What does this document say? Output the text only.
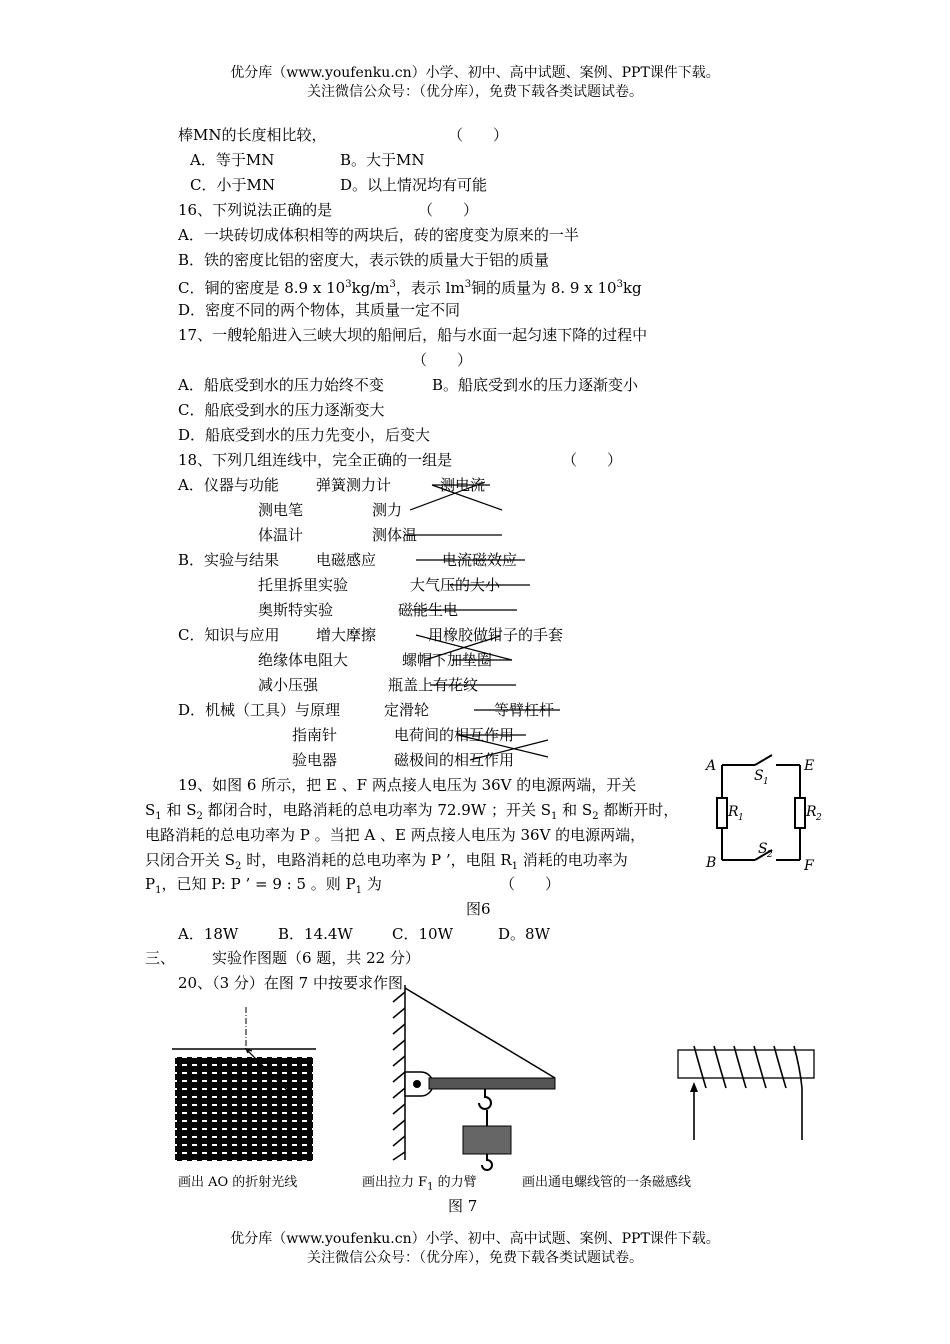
优分库（www.youfenku.cn）小学、初中、高中试题、案例、PPT课件下载。
关注微信公众号：（优分库），免费下载各类试题试卷。
棒MN的长度相比较，	（　　）
A．等于MN	B。大于MN
C．小于MN	D。以上情况均有可能
16、下列说法正确的是	（　　）
A．一块砖切成体积相等的两块后，砖的密度变为原来的一半
B．铁的密度比铝的密度大，表示铁的质量大于铝的质量
C．铜的密度是 8.9 x $10^3kg/m^3$，表示 $lm^3$铜的质量为 8. 9 x $10^3kg$
D．密度不同的两个物体，其质量一定不同
17、一艘轮船进入三峡大坝的船闸后，船与水面一起匀速下降的过程中
（　　）
A．船底受到水的压力始终不变	B。船底受到水的压力逐渐变小
C．船底受到水的压力逐渐变大
D．船底受到水的压力先变小，后变大
18、下列几组连线中，完全正确的一组是	（　　）
A．仪器与功能 弹簧测力计	测电流
测电笔	测力
体温计	测体温
B．实验与结果 电磁感应	电流磁效应
托里拆里实验	大气压的大小
奥斯特实验	磁能生电
C．知识与应用 增大摩擦	用橡胶做钳子的手套
绝缘体电阻大	螺帽下加垫圈
减小压强	瓶盖上有花纹
D．机械（工具）与原理	定滑轮	等臂杠杆
指南针	电荷间的相互作用
验电器	磁极间的相互作用
19、如图 6 所示，把 E 、F 两点接人电压为 36V 的电源两端，开关
$S_1$ 和 $S_2$ 都闭合时，电路消耗的总电功率为 72.9W ；开关 $S_1$ 和 $S_2$ 都断开时，
电路消耗的总电功率为 P 。当把 A 、E 两点接人电压为 36V 的电源两端，
只闭合开关 $S_2$ 时，电路消耗的总电功率为 P ’，电阻 $R_1$ 消耗的电功率为
$P_1$，已知 P: P ’ = 9 : 5 。则 $P_1$ 为	（　　）
图6
A．18W	B．14.4W	C．10W	D。8W
A	E
B	F
S 1
S 2
R 1	R 2
三、 实验作图题（6 题，共 22 分）
20、（3 分）在图 7 中按要求作图
画出 AO 的折射光线	画出拉力 $F_1$ 的力臂	画出通电螺线管的一条磁感线
图 7
优分库（www.youfenku.cn）小学、初中、高中试题、案例、PPT课件下载。
关注微信公众号：（优分库），免费下载各类试题试卷。
